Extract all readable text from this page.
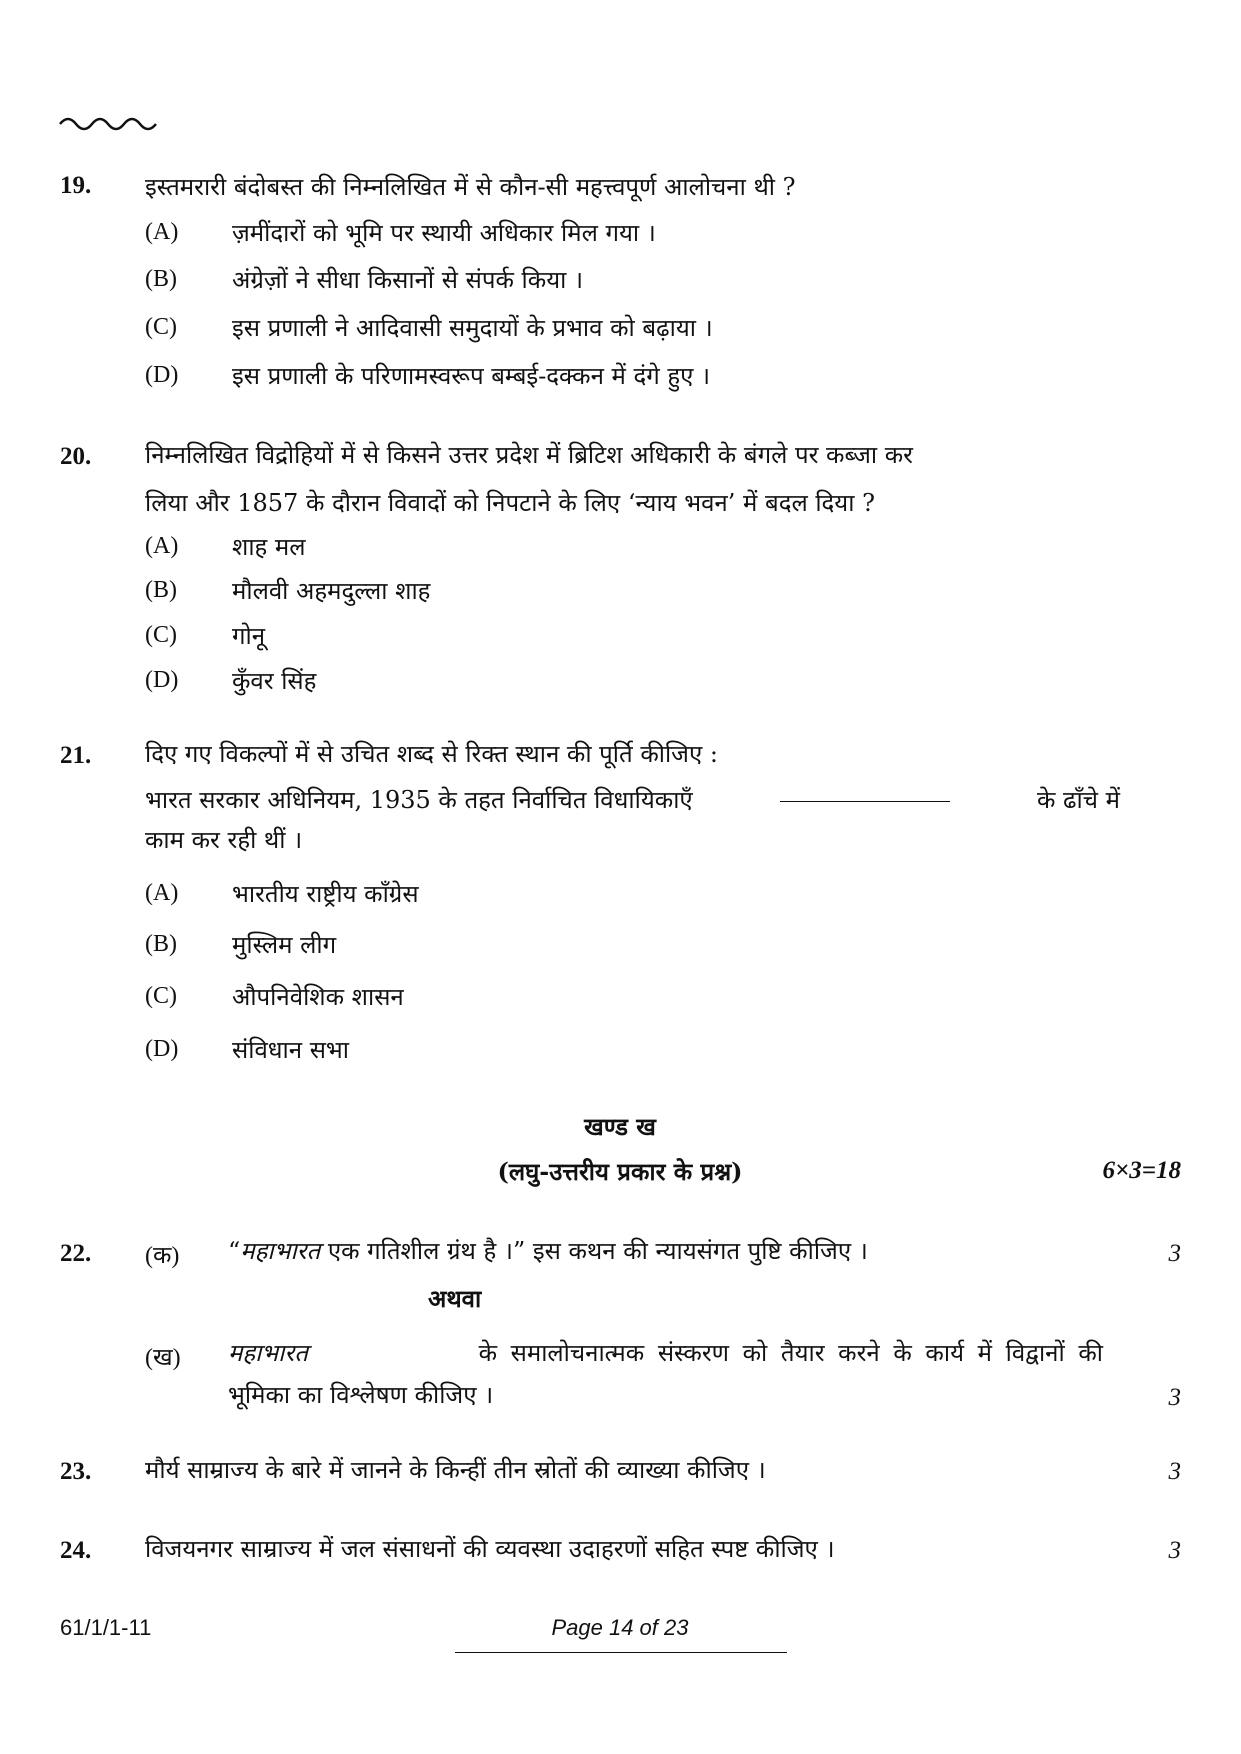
19. इस्तमरारी बंदोबस्त की निम्नलिखित में से कौन-सी महत्त्वपूर्ण आलोचना थी ?
(A) ज़मींदारों को भूमि पर स्थायी अधिकार मिल गया ।
(B) अंग्रेज़ों ने सीधा किसानों से संपर्क किया ।
(C) इस प्रणाली ने आदिवासी समुदायों के प्रभाव को बढ़ाया ।
(D) इस प्रणाली के परिणामस्वरूप बम्बई-दक्कन में दंगे हुए ।
20. निम्नलिखित विद्रोहियों में से किसने उत्तर प्रदेश में ब्रिटिश अधिकारी के बंगले पर कब्जा कर
लिया और 1857 के दौरान विवादों को निपटाने के लिए ‘न्याय भवन’ में बदल दिया ?
(A) शाह मल
(B) मौलवी अहमदुल्ला शाह
(C) गोनू
(D) कुँवर सिंह
21. दिए गए विकल्पों में से उचित शब्द से रिक्त स्थान की पूर्ति कीजिए :
भारत सरकार अधिनियम, 1935 के तहत निर्वाचित विधायिकाएँ	के ढाँचे में
काम कर रही थीं ।
(A) भारतीय राष्ट्रीय काँग्रेस
(B) मुस्लिम लीग
(C) औपनिवेशिक शासन
(D) संविधान सभा
खण्ड ख
(लघु-उत्तरीय प्रकार के प्रश्न)	6×3=18
22. (क) “महाभारत एक गतिशील ग्रंथ है ।” इस कथन की न्यायसंगत पुष्टि कीजिए ।	3
अथवा
(ख) महाभारत	के समालोचनात्मक संस्करण को तैयार करने के कार्य में विद्वानों की
भूमिका का विश्लेषण कीजिए ।	3
23. मौर्य साम्राज्य के बारे में जानने के किन्हीं तीन स्रोतों की व्याख्या कीजिए ।	3
24. विजयनगर साम्राज्य में जल संसाधनों की व्यवस्था उदाहरणों सहित स्पष्ट कीजिए ।	3
61/1/1-11	Page 14 of 23
